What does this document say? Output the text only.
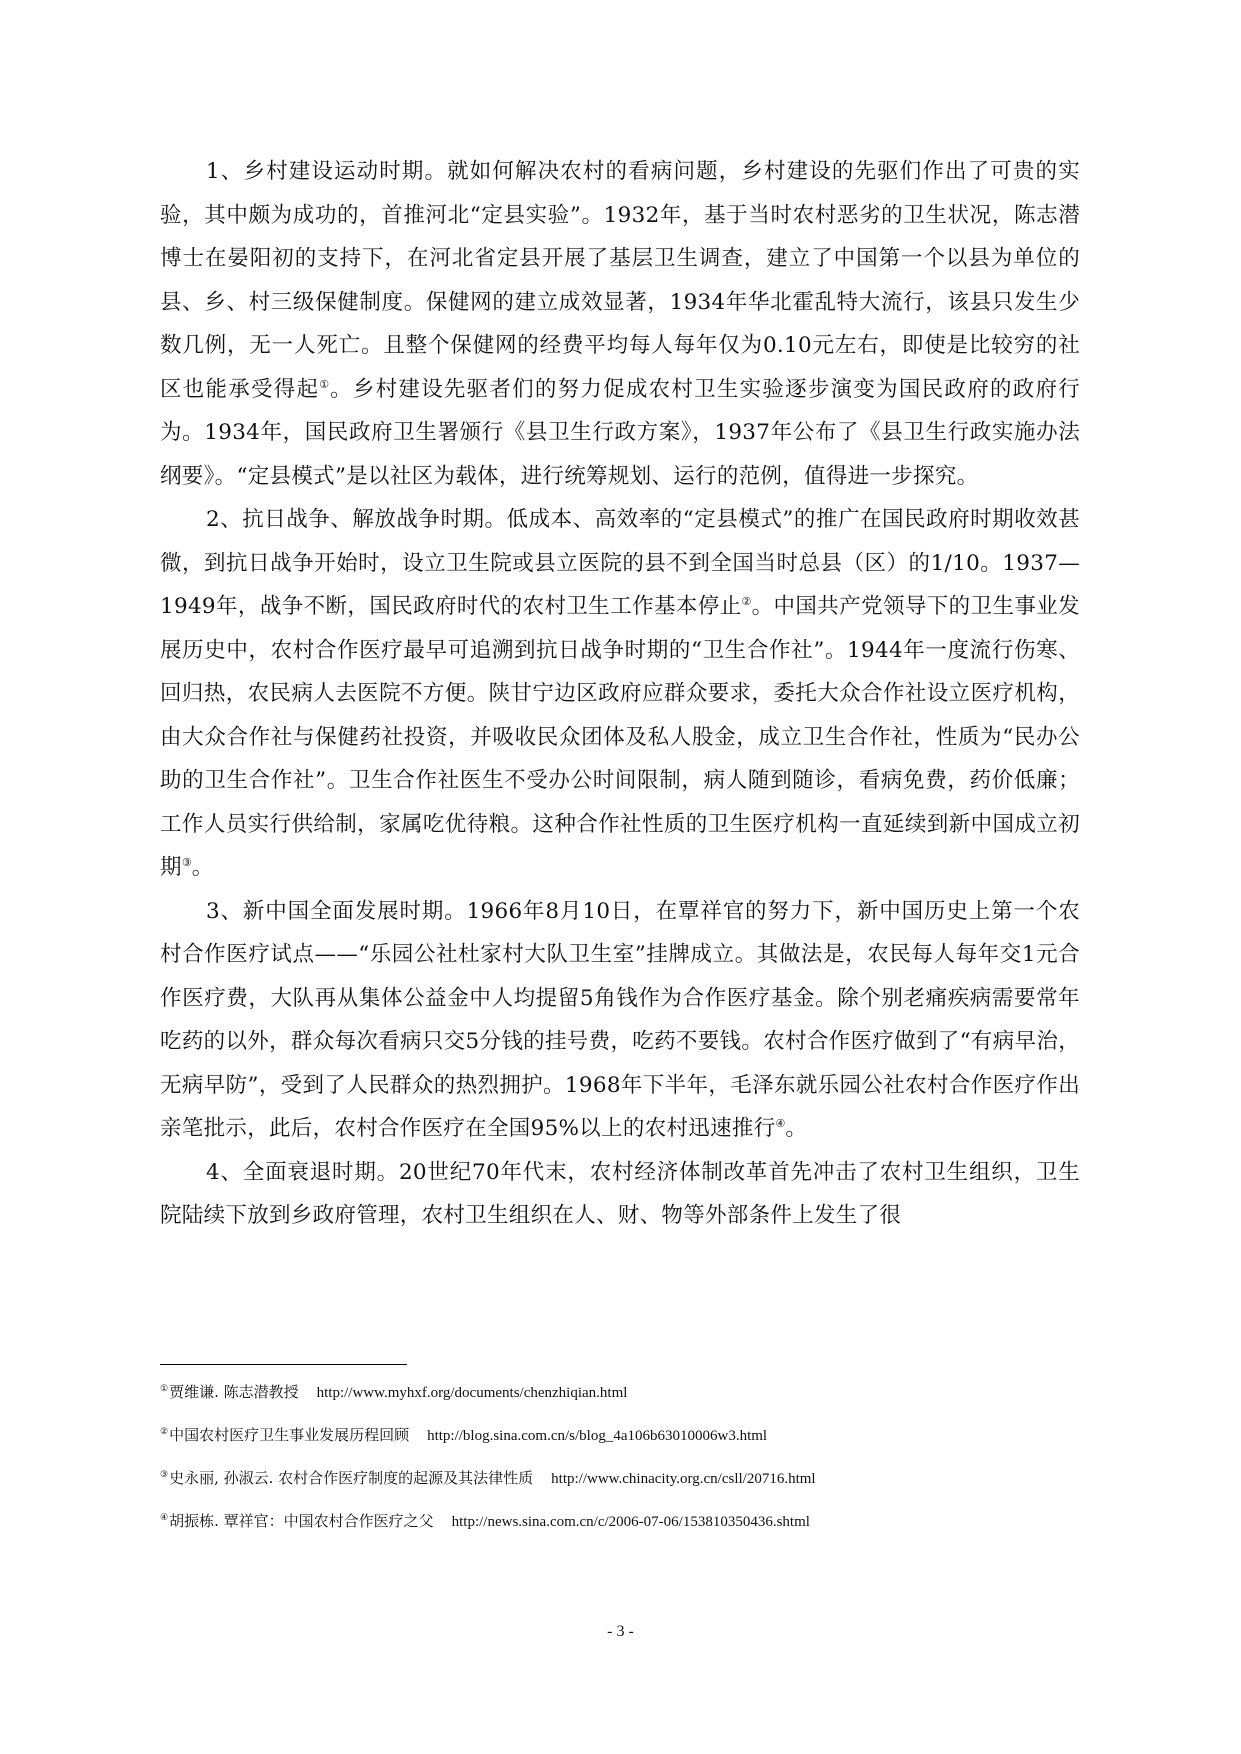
1、乡村建设运动时期。就如何解决农村的看病问题，乡村建设的先驱们作出了可贵的实验，其中颇为成功的，首推河北“定县实验”。1932年，基于当时农村恶劣的卫生状况，陈志潜博士在晏阳初的支持下，在河北省定县开展了基层卫生调查，建立了中国第一个以县为单位的县、乡、村三级保健制度。保健网的建立成效显著，1934年华北霍乱特大流行，该县只发生少数几例，无一人死亡。且整个保健网的经费平均每人每年仅为0.10元左右，即使是比较穷的社区也能承受得起①。乡村建设先驱者们的努力促成农村卫生实验逐步演变为国民政府的政府行为。1934年，国民政府卫生署颁行《县卫生行政方案》，1937年公布了《县卫生行政实施办法纲要》。“定县模式”是以社区为载体，进行统筹规划、运行的范例，值得进一步探究。

2、抗日战争、解放战争时期。低成本、高效率的“定县模式”的推广在国民政府时期收效甚微，到抗日战争开始时，设立卫生院或县立医院的县不到全国当时总县（区）的1/10。1937—1949年，战争不断，国民政府时代的农村卫生工作基本停止②。中国共产党领导下的卫生事业发展历史中，农村合作医疗最早可追溯到抗日战争时期的“卫生合作社”。1944年一度流行伤寒、回归热，农民病人去医院不方便。陕甘宁边区政府应群众要求，委托大众合作社设立医疗机构，由大众合作社与保健药社投资，并吸收民众团体及私人股金，成立卫生合作社，性质为“民办公助的卫生合作社”。卫生合作社医生不受办公时间限制，病人随到随诊，看病免费，药价低廉；工作人员实行供给制，家属吃优待粮。这种合作社性质的卫生医疗机构一直延续到新中国成立初期③。

3、新中国全面发展时期。1966年8月10日，在覃祥官的努力下，新中国历史上第一个农村合作医疗试点——“乐园公社杜家村大队卫生室”挂牌成立。其做法是，农民每人每年交1元合作医疗费，大队再从集体公益金中人均提留5角钱作为合作医疗基金。除个别老痛疾病需要常年吃药的以外，群众每次看病只交5分钱的挂号费，吃药不要钱。农村合作医疗做到了“有病早治，无病早防”，受到了人民群众的热烈拥护。1968年下半年，毛泽东就乐园公社农村合作医疗作出亲笔批示，此后，农村合作医疗在全国95%以上的农村迅速推行④。

4、全面衰退时期。20世纪70年代末，农村经济体制改革首先冲击了农村卫生组织，卫生院陆续下放到乡政府管理，农村卫生组织在人、财、物等外部条件上发生了很

①贾维谦. 陈志潜教授 http://www.myhxf.org/documents/chenzhiqian.html
②中国农村医疗卫生事业发展历程回顾 http://blog.sina.com.cn/s/blog_4a106b63010006w3.html
③史永丽, 孙淑云. 农村合作医疗制度的起源及其法律性质 http://www.chinacity.org.cn/csll/20716.html
④胡振栋. 覃祥官：中国农村合作医疗之父 http://news.sina.com.cn/c/2006-07-06/153810350436.shtml
- 3 -
